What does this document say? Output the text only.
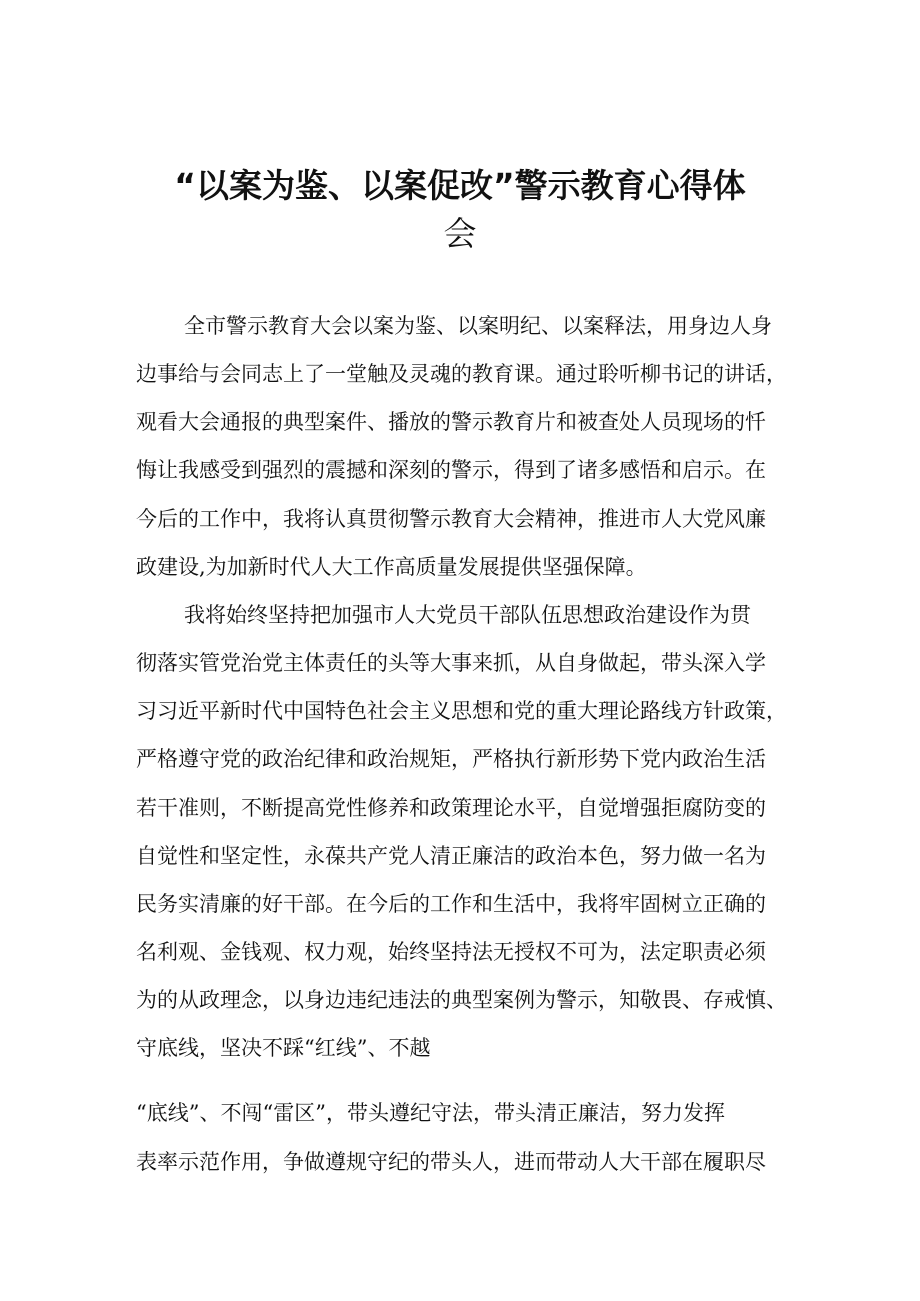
“以案为鉴、以案促改”警示教育心得体
会

全市警示教育大会以案为鉴、以案明纪、以案释法，用身边人身

边事给与会同志上了一堂触及灵魂的教育课。通过聆听柳书记的讲话，

观看大会通报的典型案件、播放的警示教育片和被查处人员现场的忏

悔让我感受到强烈的震撼和深刻的警示，得到了诸多感悟和启示。在

今后的工作中，我将认真贯彻警示教育大会精神，推进市人大党风廉

政建设,为加新时代人大工作高质量发展提供坚强保障。

我将始终坚持把加强市人大党员干部队伍思想政治建设作为贯

彻落实管党治党主体责任的头等大事来抓，从自身做起，带头深入学

习习近平新时代中国特色社会主义思想和党的重大理论路线方针政策，

严格遵守党的政治纪律和政治规矩，严格执行新形势下党内政治生活

若干准则，不断提高党性修养和政策理论水平，自觉增强拒腐防变的

自觉性和坚定性，永葆共产党人清正廉洁的政治本色，努力做一名为

民务实清廉的好干部。在今后的工作和生活中，我将牢固树立正确的

名利观、金钱观、权力观，始终坚持法无授权不可为，法定职责必须

为的从政理念，以身边违纪违法的典型案例为警示，知敬畏、存戒慎、

守底线，坚决不踩“红线”、不越

“底线”、不闯“雷区”，带头遵纪守法，带头清正廉洁，努力发挥

表率示范作用，争做遵规守纪的带头人，进而带动人大干部在履职尽
